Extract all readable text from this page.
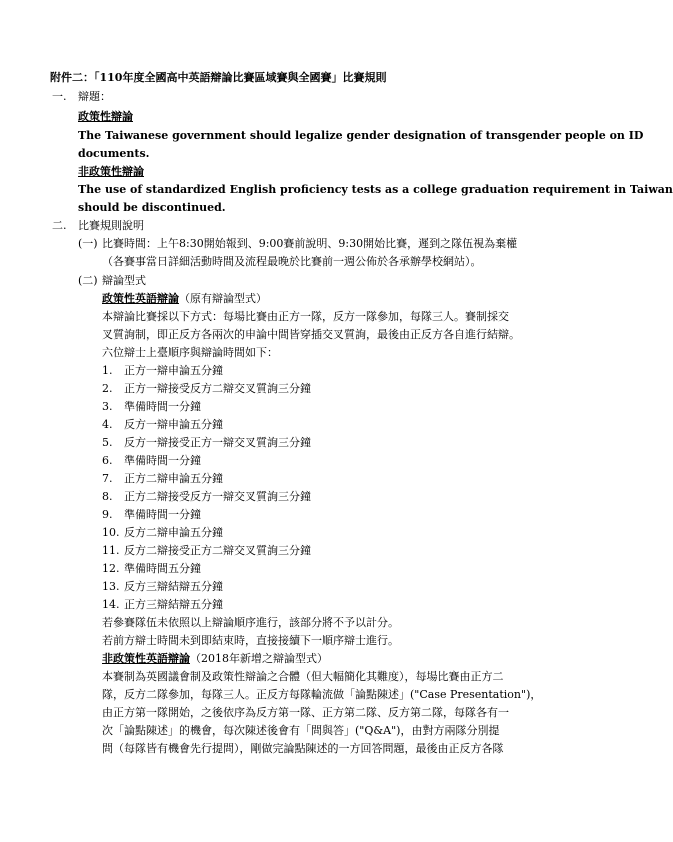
附件二：「110年度全國高中英語辯論比賽區域賽與全國賽」比賽規則

一. 辯題：

政策性辯論

The Taiwanese government should legalize gender designation of transgender people on ID

documents.

非政策性辯論

The use of standardized English proficiency tests as a college graduation requirement in Taiwan

should be discontinued.

二. 比賽規則說明

(一) 比賽時間：上午8:30開始報到、9:00賽前說明、9:30開始比賽，遲到之隊伍視為棄權

（各賽事當日詳細活動時間及流程最晚於比賽前一週公佈於各承辦學校網站）。

(二) 辯論型式

政策性英語辯論（原有辯論型式）

本辯論比賽採以下方式：每場比賽由正方一隊，反方一隊參加，每隊三人。賽制採交

叉質詢制，即正反方各兩次的申論中間皆穿插交叉質詢，最後由正反方各自進行結辯。

六位辯士上臺順序與辯論時間如下：

1. 正方一辯申論五分鐘

2. 正方一辯接受反方二辯交叉質詢三分鐘

3. 準備時間一分鐘

4. 反方一辯申論五分鐘

5. 反方一辯接受正方一辯交叉質詢三分鐘

6. 準備時間一分鐘

7. 正方二辯申論五分鐘

8. 正方二辯接受反方一辯交叉質詢三分鐘

9. 準備時間一分鐘

10. 反方二辯申論五分鐘

11. 反方二辯接受正方二辯交叉質詢三分鐘

12. 準備時間五分鐘

13. 反方三辯結辯五分鐘

14. 正方三辯結辯五分鐘

若參賽隊伍未依照以上辯論順序進行，該部分將不予以計分。

若前方辯士時間未到即結束時，直接接續下一順序辯士進行。

非政策性英語辯論（2018年新增之辯論型式）

本賽制為英國議會制及政策性辯論之合體（但大幅簡化其難度），每場比賽由正方二

隊，反方二隊參加，每隊三人。正反方每隊輪流做「論點陳述」("Case Presentation")，

由正方第一隊開始，之後依序為反方第一隊、正方第二隊、反方第二隊，每隊各有一

次「論點陳述」的機會，每次陳述後會有「問與答」("Q&A")，由對方兩隊分別提

問（每隊皆有機會先行提問），剛做完論點陳述的一方回答問題，最後由正反方各隊
